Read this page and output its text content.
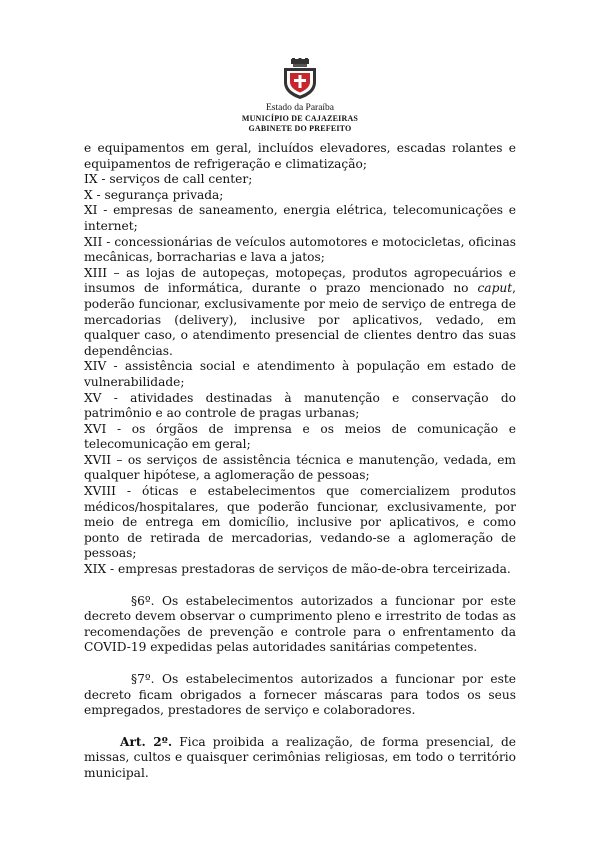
Estado da Paraíba
MUNICÍPIO DE CAJAZEIRAS
GABINETE DO PREFEITO

e equipamentos em geral, incluídos elevadores, escadas rolantes e equipamentos de refrigeração e climatização;

IX - serviços de call center;

X - segurança privada;

XI - empresas de saneamento, energia elétrica, telecomunicações e internet;

XII - concessionárias de veículos automotores e motocicletas, oficinas mecânicas, borracharias e lava a jatos;

XIII – as lojas de autopeças, motopeças, produtos agropecuários e insumos de informática, durante o prazo mencionado no caput, poderão funcionar, exclusivamente por meio de serviço de entrega de mercadorias (delivery), inclusive por aplicativos, vedado, em qualquer caso, o atendimento presencial de clientes dentro das suas dependências.

XIV - assistência social e atendimento à população em estado de vulnerabilidade;

XV - atividades destinadas à manutenção e conservação do patrimônio e ao controle de pragas urbanas;

XVI - os órgãos de imprensa e os meios de comunicação e telecomunicação em geral;

XVII – os serviços de assistência técnica e manutenção, vedada, em qualquer hipótese, a aglomeração de pessoas;

XVIII - óticas e estabelecimentos que comercializem produtos médicos/hospitalares, que poderão funcionar, exclusivamente, por meio de entrega em domicílio, inclusive por aplicativos, e como ponto de retirada de mercadorias, vedando-se a aglomeração de pessoas;

XIX - empresas prestadoras de serviços de mão-de-obra terceirizada.

§6º. Os estabelecimentos autorizados a funcionar por este decreto devem observar o cumprimento pleno e irrestrito de todas as recomendações de prevenção e controle para o enfrentamento da COVID-19 expedidas pelas autoridades sanitárias competentes.

§7º. Os estabelecimentos autorizados a funcionar por este decreto ficam obrigados a fornecer máscaras para todos os seus empregados, prestadores de serviço e colaboradores.

Art. 2º. Fica proibida a realização, de forma presencial, de missas, cultos e quaisquer cerimônias religiosas, em todo o território municipal.
